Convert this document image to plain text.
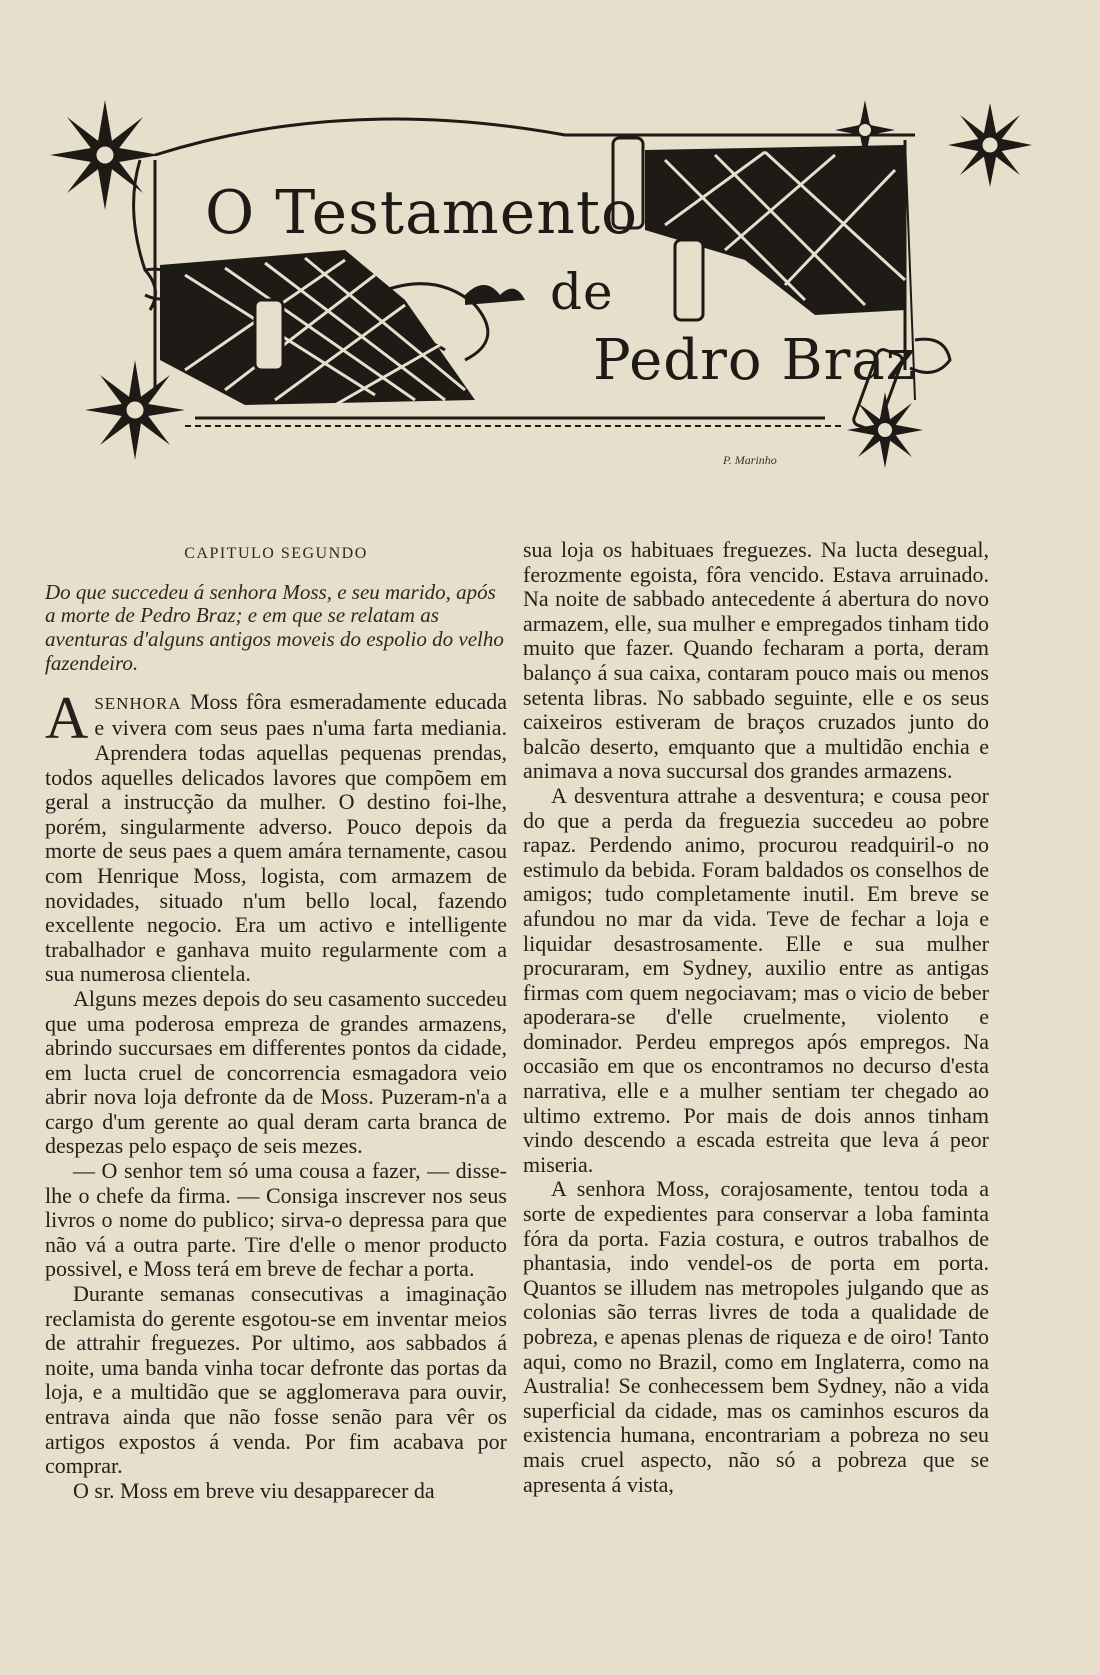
O Testamento
de
Pedro Braz
P. Marinho
CAPITULO SEGUNDO
Do que succedeu á senhora Moss, e seu marido, após a morte de Pedro Braz; e em que se relatam as aventuras d'alguns antigos moveis do espolio do velho fazendeiro.

ASENHORA Moss fôra esmeradamente educada e vivera com seus paes n'uma farta mediania. Aprendera todas aquellas pequenas prendas, todos aquelles delicados lavores que compõem em geral a instrucção da mulher. O destino foi-lhe, porém, singularmente adverso. Pouco depois da morte de seus paes a quem amára ternamente, casou com Henrique Moss, logista, com armazem de novidades, situado n'um bello local, fazendo excellente negocio. Era um activo e intelligente trabalhador e ganhava muito regularmente com a sua numerosa clientela.

Alguns mezes depois do seu casamento succedeu que uma poderosa empreza de grandes armazens, abrindo succursaes em differentes pontos da cidade, em lucta cruel de concorrencia esmagadora veio abrir nova loja defronte da de Moss. Puzeram-n'a a cargo d'um gerente ao qual deram carta branca de despezas pelo espaço de seis mezes.

— O senhor tem só uma cousa a fazer, — disse-lhe o chefe da firma. — Consiga inscrever nos seus livros o nome do publico; sirva-o depressa para que não vá a outra parte. Tire d'elle o menor producto possivel, e Moss terá em breve de fechar a porta.

Durante semanas consecutivas a imaginação reclamista do gerente esgotou-se em inventar meios de attrahir freguezes. Por ultimo, aos sabbados á noite, uma banda vinha tocar defronte das portas da loja, e a multidão que se agglomerava para ouvir, entrava ainda que não fosse senão para vêr os artigos expostos á venda. Por fim acabava por comprar.

O sr. Moss em breve viu desapparecer da

sua loja os habituaes freguezes. Na lucta desegual, ferozmente egoista, fôra vencido. Estava arruinado. Na noite de sabbado antecedente á abertura do novo armazem, elle, sua mulher e empregados tinham tido muito que fazer. Quando fecharam a porta, deram balanço á sua caixa, contaram pouco mais ou menos setenta libras. No sabbado seguinte, elle e os seus caixeiros estiveram de braços cruzados junto do balcão deserto, emquanto que a multidão enchia e animava a nova succursal dos grandes armazens.

A desventura attrahe a desventura; e cousa peor do que a perda da freguezia succedeu ao pobre rapaz. Perdendo animo, procurou readquiril-o no estimulo da bebida. Foram baldados os conselhos de amigos; tudo completamente inutil. Em breve se afundou no mar da vida. Teve de fechar a loja e liquidar desastrosamente. Elle e sua mulher procuraram, em Sydney, auxilio entre as antigas firmas com quem negociavam; mas o vicio de beber apoderara-se d'elle cruelmente, violento e dominador. Perdeu empregos após empregos. Na occasião em que os encontramos no decurso d'esta narrativa, elle e a mulher sentiam ter chegado ao ultimo extremo. Por mais de dois annos tinham vindo descendo a escada estreita que leva á peor miseria.

A senhora Moss, corajosamente, tentou toda a sorte de expedientes para conservar a loba faminta fóra da porta. Fazia costura, e outros trabalhos de phantasia, indo vendel-os de porta em porta. Quantos se illudem nas metropoles julgando que as colonias são terras livres de toda a qualidade de pobreza, e apenas plenas de riqueza e de oiro! Tanto aqui, como no Brazil, como em Inglaterra, como na Australia! Se conhecessem bem Sydney, não a vida superficial da cidade, mas os caminhos escuros da existencia humana, encontrariam a pobreza no seu mais cruel aspecto, não só a pobreza que se apresenta á vista,
